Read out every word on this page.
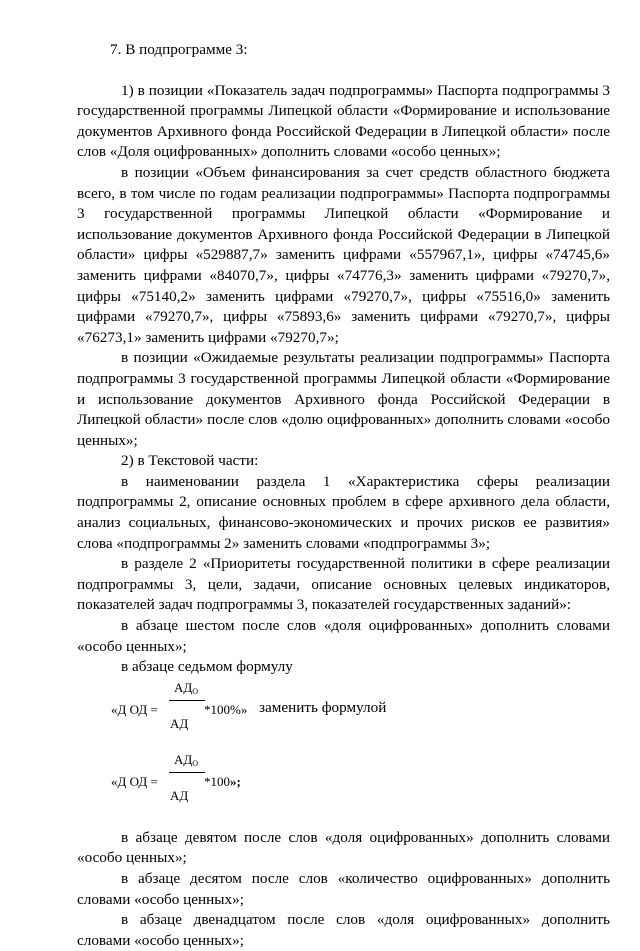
7. В подпрограмме 3:

1) в позиции «Показатель задач подпрограммы» Паспорта подпрограммы 3 государственной программы Липецкой области «Формирование и использование документов Архивного фонда Российской Федерации в Липецкой области» после слов «Доля оцифрованных» дополнить словами «особо ценных»;

в позиции «Объем финансирования за счет средств областного бюджета всего, в том числе по годам реализации подпрограммы» Паспорта подпрограммы 3 государственной программы Липецкой области «Формирование и использование документов Архивного фонда Российской Федерации в Липецкой области» цифры «529887,7» заменить цифрами «557967,1», цифры «74745,6» заменить цифрами «84070,7», цифры «74776,3» заменить цифрами «79270,7», цифры «75140,2» заменить цифрами «79270,7», цифры «75516,0» заменить цифрами «79270,7», цифры «75893,6» заменить цифрами «79270,7», цифры «76273,1» заменить цифрами «79270,7»;

в позиции «Ожидаемые результаты реализации подпрограммы» Паспорта подпрограммы 3 государственной программы Липецкой области «Формирование и использование документов Архивного фонда Российской Федерации в Липецкой области» после слов «долю оцифрованных» дополнить словами «особо ценных»;

2) в Текстовой части:

в наименовании раздела 1 «Характеристика сферы реализации подпрограммы 2, описание основных проблем в сфере архивного дела области, анализ социальных, финансово-экономических и прочих рисков ее развития» слова «подпрограммы 2» заменить словами «подпрограммы 3»;

в разделе 2 «Приоритеты государственной политики в сфере реализации подпрограммы 3, цели, задачи, описание основных целевых индикаторов, показателей задач подпрограммы 3, показателей государственных заданий»:

в абзаце шестом после слов «доля оцифрованных» дополнить словами «особо ценных»;

в абзаце седьмом формулу

«Д ОД =
$АД_О$
АД
*100%» заменить формулой
«Д ОД =
$АД_О$
АД
*100»;

в абзаце девятом после слов «доля оцифрованных» дополнить словами «особо ценных»;

в абзаце десятом после слов «количество оцифрованных» дополнить словами «особо ценных»;

в абзаце двенадцатом после слов «доля оцифрованных» дополнить словами «особо ценных»;
